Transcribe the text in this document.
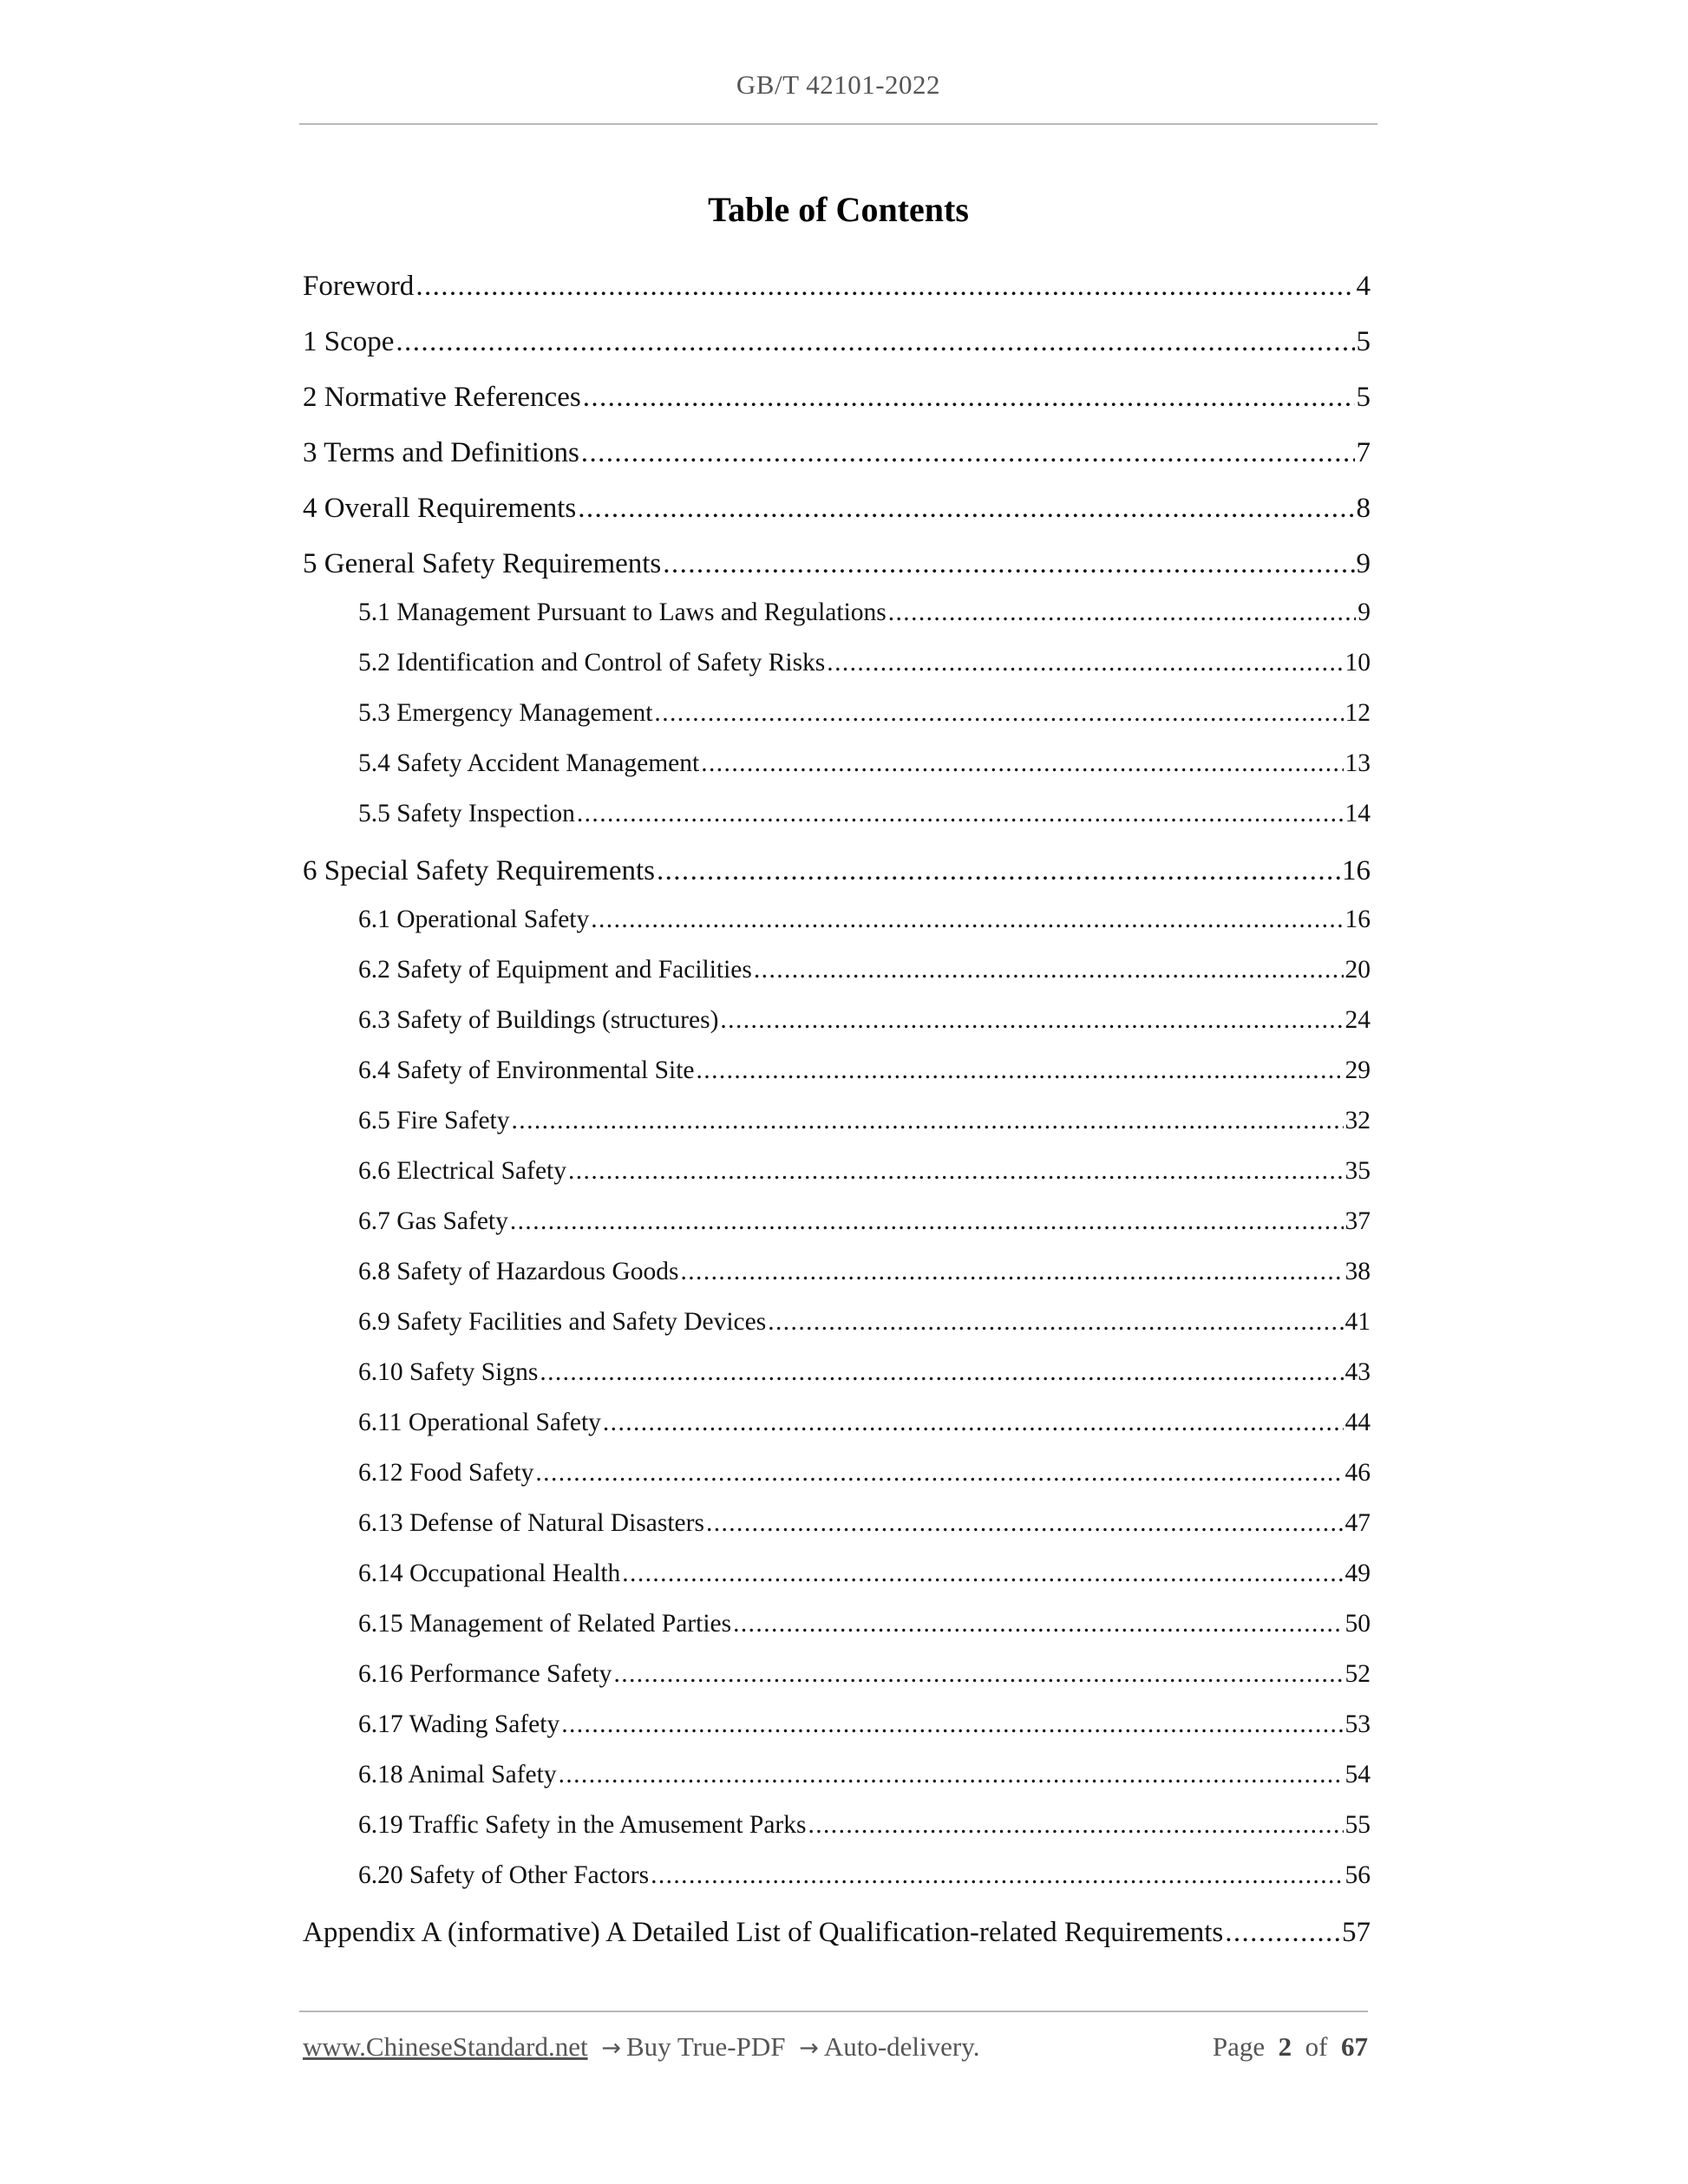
GB/T 42101-2022
Table of Contents
Foreword .....	4
1 Scope .....	5
2 Normative References .....	5
3 Terms and Definitions .....	7
4 Overall Requirements .....	8
5 General Safety Requirements .....	9
5.1 Management Pursuant to Laws and Regulations .....	9
5.2 Identification and Control of Safety Risks .....	10
5.3 Emergency Management .....	12
5.4 Safety Accident Management .....	13
5.5 Safety Inspection .....	14
6 Special Safety Requirements .....	16
6.1 Operational Safety .....	16
6.2 Safety of Equipment and Facilities .....	20
6.3 Safety of Buildings (structures) .....	24
6.4 Safety of Environmental Site .....	29
6.5 Fire Safety .....	32
6.6 Electrical Safety .....	35
6.7 Gas Safety .....	37
6.8 Safety of Hazardous Goods .....	38
6.9 Safety Facilities and Safety Devices .....	41
6.10 Safety Signs .....	43
6.11 Operational Safety .....	44
6.12 Food Safety .....	46
6.13 Defense of Natural Disasters .....	47
6.14 Occupational Health .....	49
6.15 Management of Related Parties .....	50
6.16 Performance Safety .....	52
6.17 Wading Safety .....	53
6.18 Animal Safety .....	54
6.19 Traffic Safety in the Amusement Parks .....	55
6.20 Safety of Other Factors .....	56
Appendix A (informative) A Detailed List of Qualification-related Requirements .....	57
www.ChineseStandard.net → Buy True-PDF → Auto-delivery.	Page 2 of 67
